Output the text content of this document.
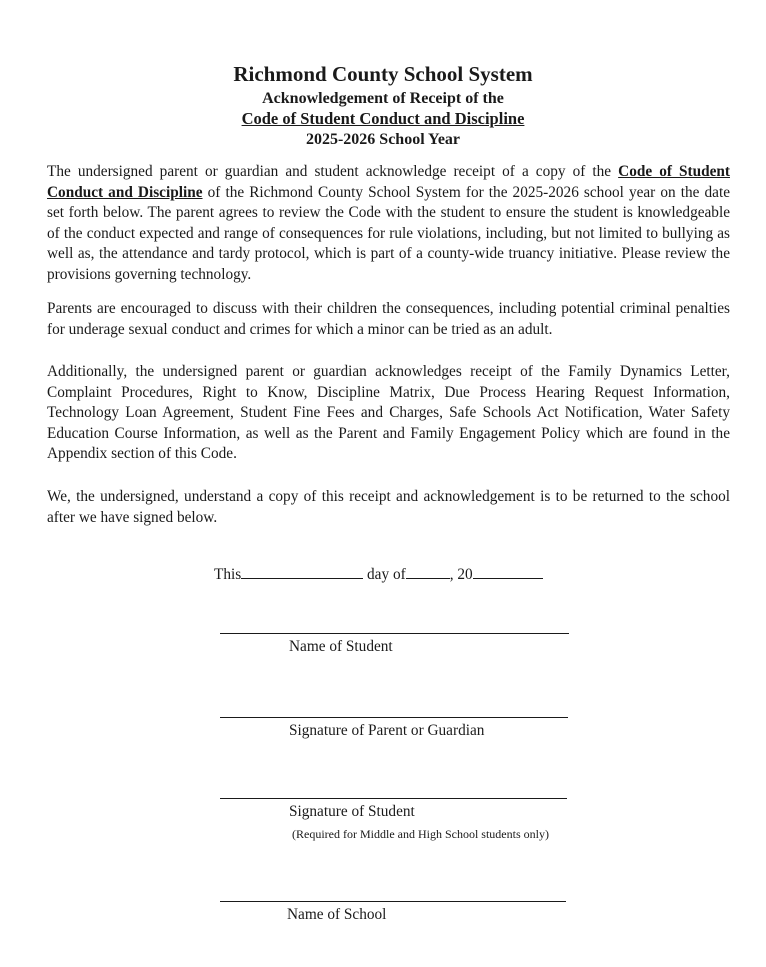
Richmond County School System
Acknowledgement of Receipt of the
Code of Student Conduct and Discipline
2025-2026 School Year
The undersigned parent or guardian and student acknowledge receipt of a copy of the Code of Student Conduct and Discipline of the Richmond County School System for the 2025-2026 school year on the date set forth below. The parent agrees to review the Code with the student to ensure the student is knowledgeable of the conduct expected and range of consequences for rule violations, including, but not limited to bullying as well as, the attendance and tardy protocol, which is part of a county-wide truancy initiative. Please review the provisions governing technology.
Parents are encouraged to discuss with their children the consequences, including potential criminal penalties for underage sexual conduct and crimes for which a minor can be tried as an adult.
Additionally, the undersigned parent or guardian acknowledges receipt of the Family Dynamics Letter, Complaint Procedures, Right to Know, Discipline Matrix, Due Process Hearing Request Information, Technology Loan Agreement, Student Fine Fees and Charges, Safe Schools Act Notification, Water Safety Education Course Information, as well as the Parent and Family Engagement Policy which are found in the Appendix section of this Code.
We, the undersigned, understand a copy of this receipt and acknowledgement is to be returned to the school after we have signed below.
This	day of	, 20
Name of Student
Signature of Parent or Guardian
Signature of Student
(Required for Middle and High School students only)
Name of School
